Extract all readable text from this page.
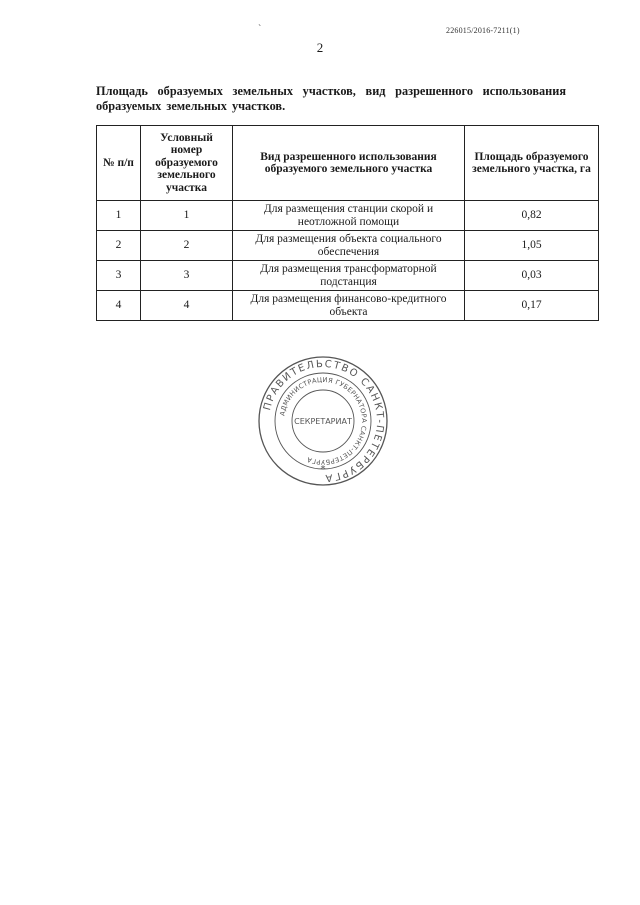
226015/2016-7211(1)
`
2
Площадь образуемых земельных участков, вид разрешенного использования образуемых земельных участков.
№ п/п	Условный номер образуемого земельного участка	Вид разрешенного использования образуемого земельного участка	Площадь образуемого земельного участка, га
1	1	Для размещения станции скорой и неотложной помощи	0,82
2	2	Для размещения объекта социального обеспечения	1,05
3	3	Для размещения трансформаторной подстанция	0,03
4	4	Для размещения финансово-кредитного объекта	0,17
ПРАВИТЕЛЬСТВО САНКТ-ПЕТЕРБУРГА
АДМИНИСТРАЦИЯ ГУБЕРНАТОРА САНКТ-ПЕТЕРБУРГА
СЕКРЕТАРИАТ
*
